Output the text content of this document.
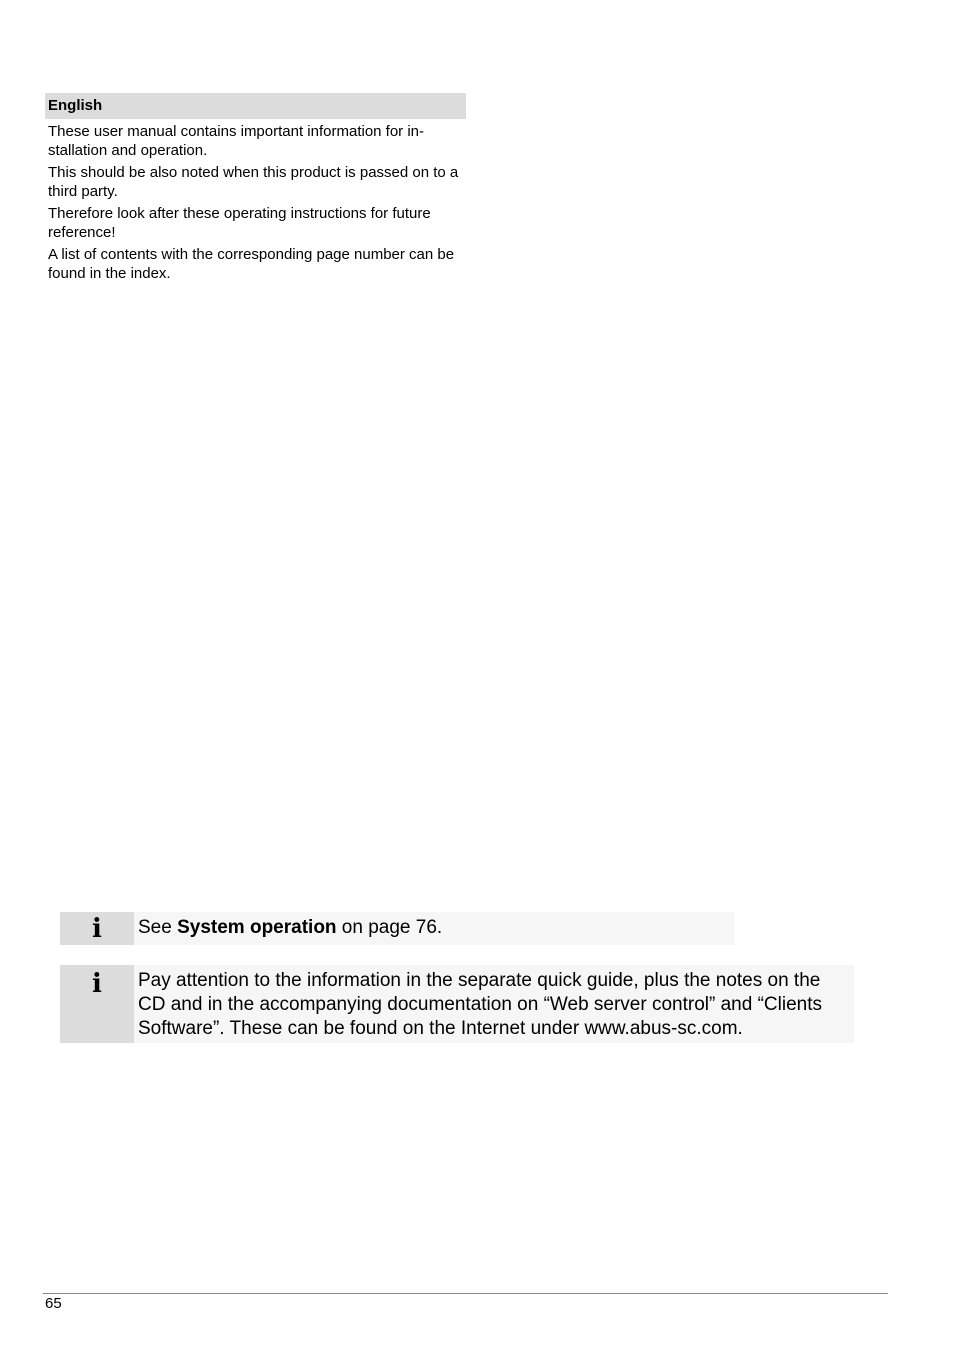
English
These user manual contains important information for in-stallation and operation.
This should be also noted when this product is passed on to a third party.
Therefore look after these operating instructions for future reference!
A list of contents with the corresponding page number can be found in the index.
i See System operation on page 76.
i Pay attention to the information in the separate quick guide, plus the notes on the CD and in the accompanying documentation on “Web server control” and “Clients Software”. These can be found on the Internet under www.abus-sc.com.
65
